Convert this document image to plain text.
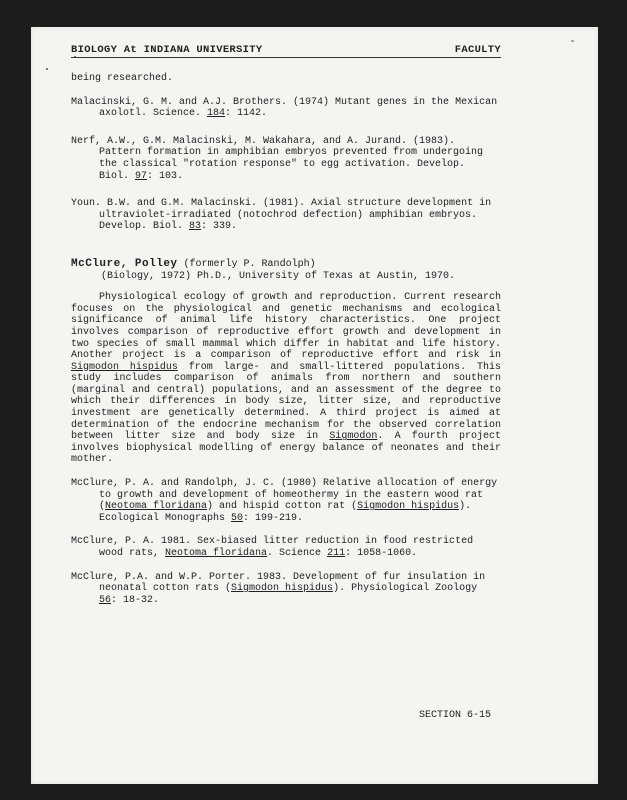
BIOLOGY At INDIANA UNIVERSITY	FACULTY

being researched.

Malacinski, G. M. and A.J. Brothers. (1974) Mutant genes in the Mexican axolotl. Science. 184: 1142.

Nerf, A.W., G.M. Malacinski, M. Wakahara, and A. Jurand. (1983). Pattern formation in amphibian embryos prevented from undergoing the classical "rotation response" to egg activation. Develop. Biol. 97: 103.

Youn. B.W. and G.M. Malacinski. (1981). Axial structure development in ultraviolet-irradiated (notochrod defection) amphibian embryos. Develop. Biol. 83: 339.

McClure, Polley (formerly P. Randolph)
(Biology, 1972) Ph.D., University of Texas at Austin, 1970.

Physiological ecology of growth and reproduction. Current research focuses on the physiological and genetic mechanisms and ecological significance of animal life history characteristics. One project involves comparison of reproductive effort growth and development in two species of small mammal which differ in habitat and life history. Another project is a comparison of reproductive effort and risk in Sigmodon hispidus from large- and small-littered populations. This study includes comparison of animals from northern and southern (marginal and central) populations, and an assessment of the degree to which their differences in body size, litter size, and reproductive investment are genetically determined. A third project is aimed at determination of the endocrine mechanism for the observed correlation between litter size and body size in Sigmodon. A fourth project involves biophysical modelling of energy balance of neonates and their mother.

McClure, P. A. and Randolph, J. C. (1980) Relative allocation of energy to growth and development of homeothermy in the eastern wood rat (Neotoma floridana) and hispid cotton rat (Sigmodon hispidus). Ecological Monographs 50: 199-219.

McClure, P. A. 1981. Sex-biased litter reduction in food restricted wood rats, Neotoma floridana. Science 211: 1058-1060.

McClure, P.A. and W.P. Porter. 1983. Development of fur insulation in neonatal cotton rats (Sigmodon hispidus). Physiological Zoology 56: 18-32.

SECTION 6-15
